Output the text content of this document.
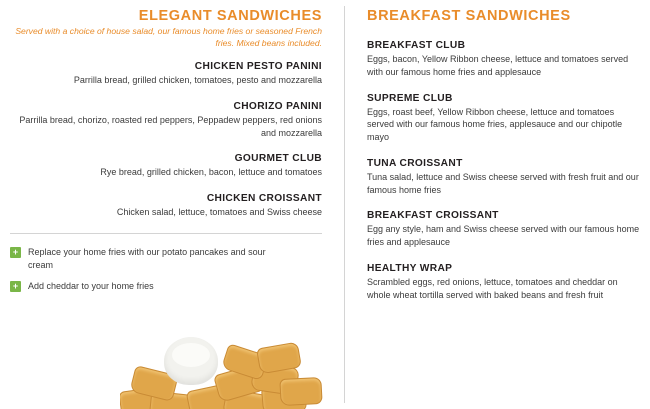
ELEGANT SANDWICHES

Served with a choice of house salad, our famous home fries or seasoned French fries. Mixed beans included.

CHICKEN PESTO PANINI

Parrilla bread, grilled chicken, tomatoes, pesto and mozzarella

CHORIZO PANINI

Parrilla bread, chorizo, roasted red peppers, Peppadew peppers, red onions and mozzarella

GOURMET CLUB

Rye bread, grilled chicken, bacon, lettuce and tomatoes

CHICKEN CROISSANT

Chicken salad, lettuce, tomatoes and Swiss cheese

+	Replace your home fries with our potato pancakes and sour cream
+	Add cheddar to your home fries
BREAKFAST SANDWICHES
BREAKFAST CLUB

Eggs, bacon, Yellow Ribbon cheese, lettuce and tomatoes served with our famous home fries and applesauce

SUPREME CLUB

Eggs, roast beef, Yellow Ribbon cheese, lettuce and tomatoes served with our famous home fries, applesauce and our chipotle mayo

TUNA CROISSANT

Tuna salad, lettuce and Swiss cheese served with fresh fruit and our famous home fries

BREAKFAST CROISSANT

Egg any style, ham and Swiss cheese served with our famous home fries and applesauce

HEALTHY WRAP

Scrambled eggs, red onions, lettuce, tomatoes and cheddar on whole wheat tortilla served with baked beans and fresh fruit
